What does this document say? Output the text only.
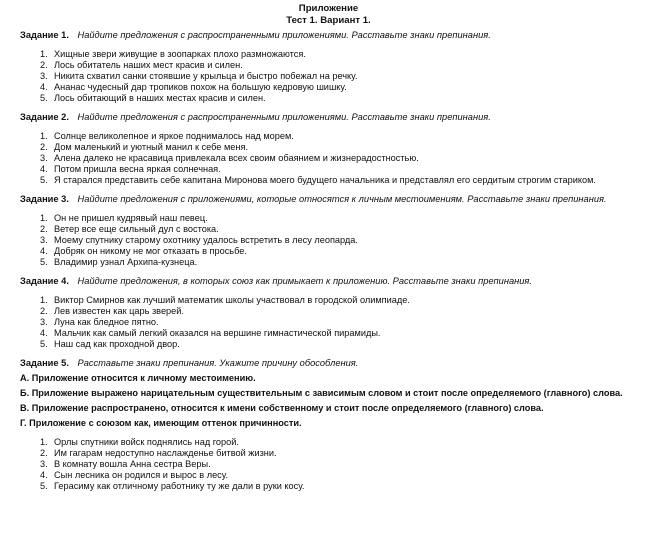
Приложение
Тест 1. Вариант 1.
Задание 1. Найдите предложения с распространенными приложениями. Расставьте знаки препинания.
1. Хищные звери живущие в зоопарках плохо размножаются.
2. Лось обитатель наших мест красив и силен.
3. Никита схватил санки стоявшие у крыльца и быстро побежал на речку.
4. Ананас чудесный дар тропиков похож на большую кедровую шишку.
5. Лось обитающий в наших местах красив и силен.
Задание 2. Найдите предложения с распространенными приложениями. Расставьте знаки препинания.
1. Солнце великолепное и яркое поднималось над морем.
2. Дом маленький и уютный манил к себе меня.
3. Алена далеко не красавица привлекала всех своим обаянием и жизнерадостностью.
4. Потом пришла весна яркая солнечная.
5. Я старался представить себе капитана Миронова моего будущего начальника и представлял его сердитым строгим стариком.
Задание 3. Найдите предложения с приложениями, которые относятся к личным местоимениям. Расставьте знаки препинания.
1. Он не пришел кудрявый наш певец.
2. Ветер все еще сильный дул с востока.
3. Моему спутнику старому охотнику удалось встретить в лесу леопарда.
4. Добряк он никому не мог отказать в просьбе.
5. Владимир узнал Архипа-кузнеца.
Задание 4. Найдите предложения, в которых союз как примыкает к приложению. Расставьте знаки препинания.
1. Виктор Смирнов как лучший математик школы участвовал в городской олимпиаде.
2. Лев известен как царь зверей.
3. Луна как бледное пятно.
4. Мальчик как самый легкий оказался на вершине гимнастической пирамиды.
5. Наш сад как проходной двор.
Задание 5. Расставьте знаки препинания. Укажите причину обособления.
А. Приложение относится к личному местоимению.
Б. Приложение выражено нарицательным существительным с зависимым словом и стоит после определяемого (главного) слова.
В. Приложение распространено, относится к имени собственному и стоит после определяемого (главного) слова.
Г. Приложение с союзом как, имеющим оттенок причинности.
1. Орлы спутники войск поднялись над горой.
2. Им гагарам недоступно наслажденье битвой жизни.
3. В комнату вошла Анна сестра Веры.
4. Сын лесника он родился и вырос в лесу.
5. Герасиму как отличному работнику ту же дали в руки косу.
